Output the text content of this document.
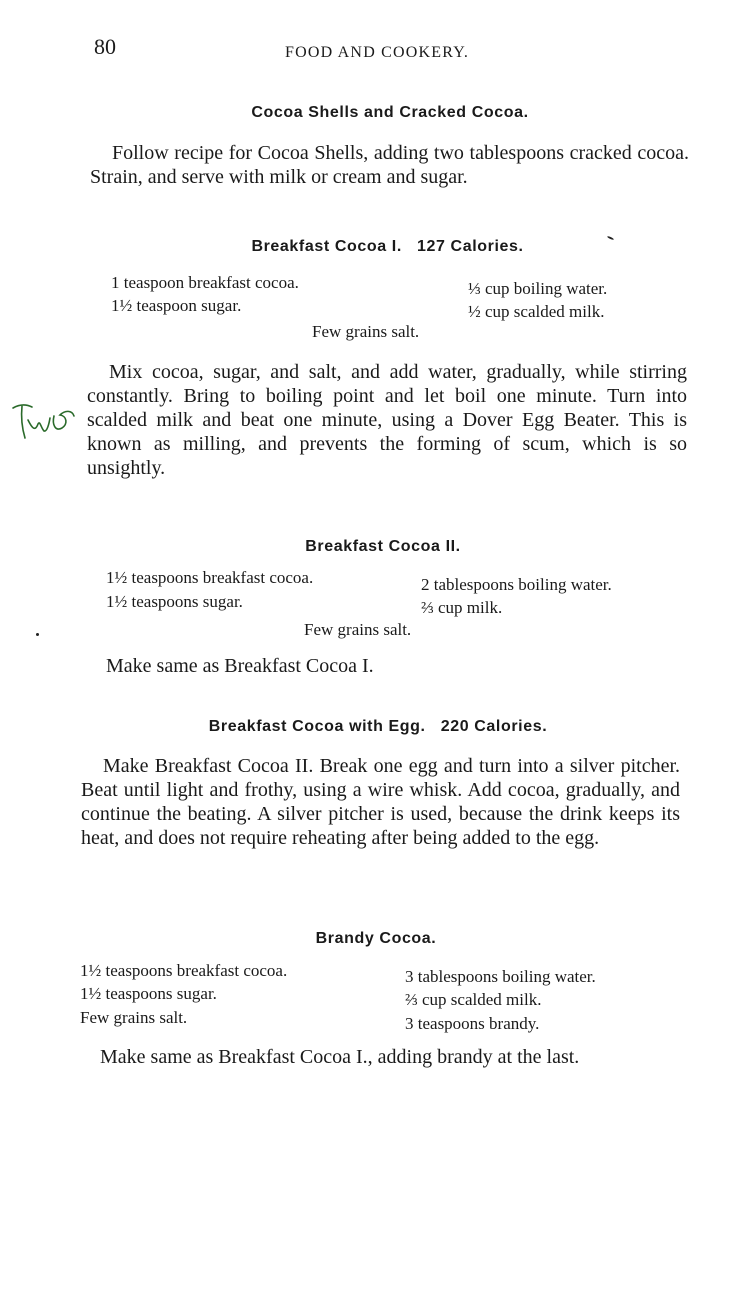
80	FOOD AND COOKERY.
Cocoa Shells and Cracked Cocoa.
Follow recipe for Cocoa Shells, adding two tablespoons cracked cocoa. Strain, and serve with milk or cream and sugar.
Breakfast Cocoa I. 127 Calories.
1 teaspoon breakfast cocoa.	⅓ cup boiling water.
1½ teaspoon sugar.	½ cup scalded milk.
Few grains salt.
Mix cocoa, sugar, and salt, and add water, gradually, while stirring constantly. Bring to boiling point and let boil one minute. Turn into scalded milk and beat one minute, using a Dover Egg Beater. This is known as milling, and prevents the forming of scum, which is so unsightly.
two
Breakfast Cocoa II.
1½ teaspoons breakfast cocoa.	2 tablespoons boiling water.
1½ teaspoons sugar.	⅔ cup milk.
Few grains salt.
Make same as Breakfast Cocoa I.
Breakfast Cocoa with Egg. 220 Calories.
Make Breakfast Cocoa II. Break one egg and turn into a silver pitcher. Beat until light and frothy, using a wire whisk. Add cocoa, gradually, and continue the beating. A silver pitcher is used, because the drink keeps its heat, and does not require reheating after being added to the egg.
Brandy Cocoa.
1½ teaspoons breakfast cocoa.	3 tablespoons boiling water.
1½ teaspoons sugar.	⅔ cup scalded milk.
Few grains salt.	3 teaspoons brandy.
Make same as Breakfast Cocoa I., adding brandy at the last.
